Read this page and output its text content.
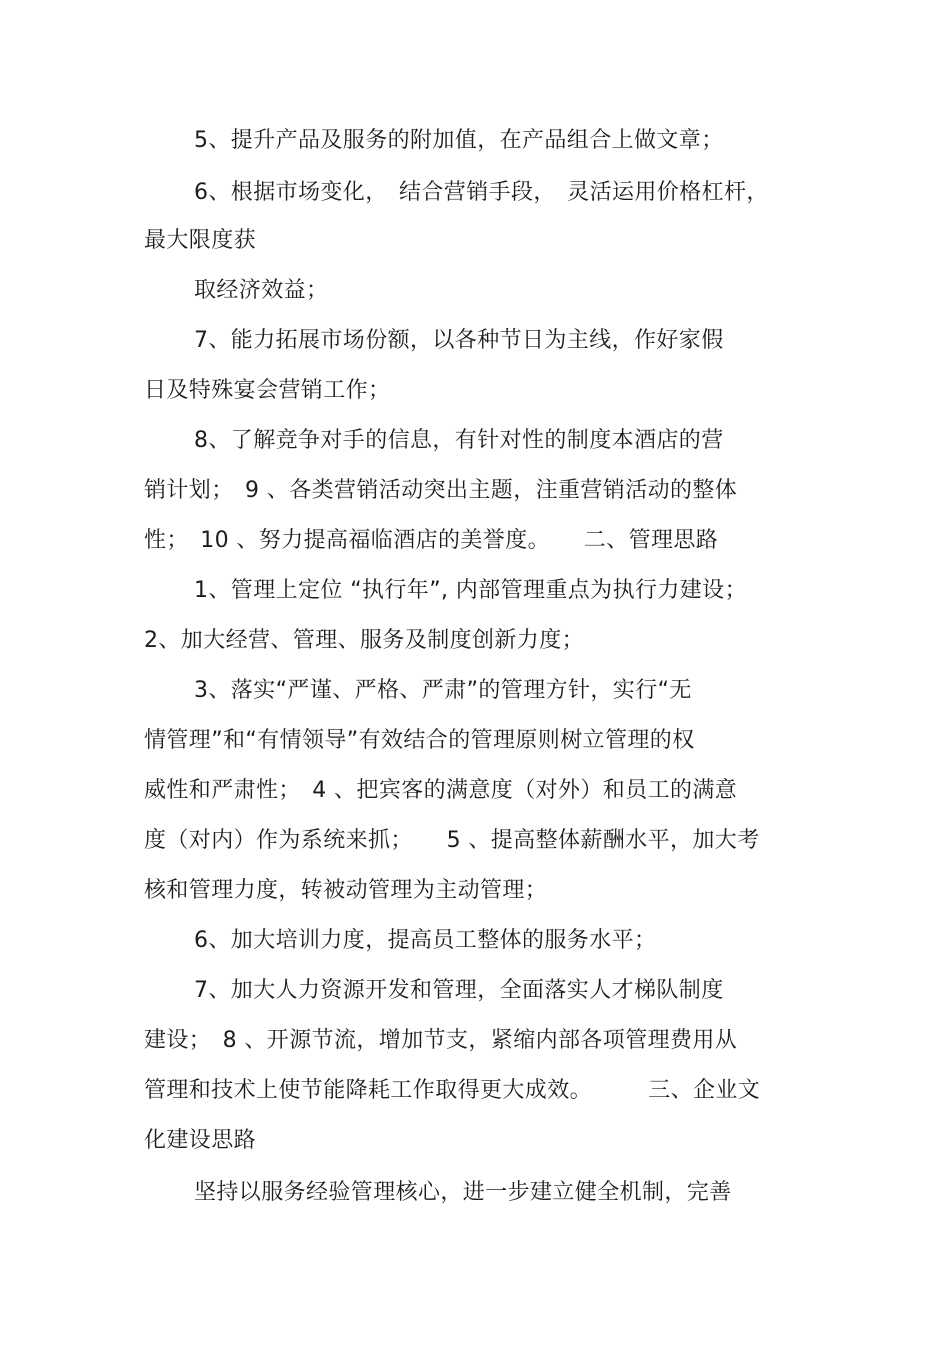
5、提升产品及服务的附加值，在产品组合上做文章；
6、根据市场变化，　结合营销手段，　灵活运用价格杠杆，
最大限度获
取经济效益；
7、能力拓展市场份额，以各种节日为主线，作好家假
日及特殊宴会营销工作；
8、了解竞争对手的信息，有针对性的制度本酒店的营
销计划；　9 、各类营销活动突出主题，注重营销活动的整体
性；　10 、努力提高福临酒店的美誉度。　　二、管理思路
1、管理上定位 “执行年”, 内部管理重点为执行力建设；
2、加大经营、管理、服务及制度创新力度；
3、落实“严谨、严格、严肃”的管理方针，实行“无
情管理”和“有情领导”有效结合的管理原则树立管理的权
威性和严肃性；　4 、把宾客的满意度（对外）和员工的满意
度（对内）作为系统来抓；　　5 、提高整体薪酬水平，加大考
核和管理力度，转被动管理为主动管理；
6、加大培训力度，提高员工整体的服务水平；
7、加大人力资源开发和管理，全面落实人才梯队制度
建设；　8 、开源节流，增加节支，紧缩内部各项管理费用从
管理和技术上使节能降耗工作取得更大成效。　　　三、企业文
化建设思路
坚持以服务经验管理核心，进一步建立健全机制，完善
